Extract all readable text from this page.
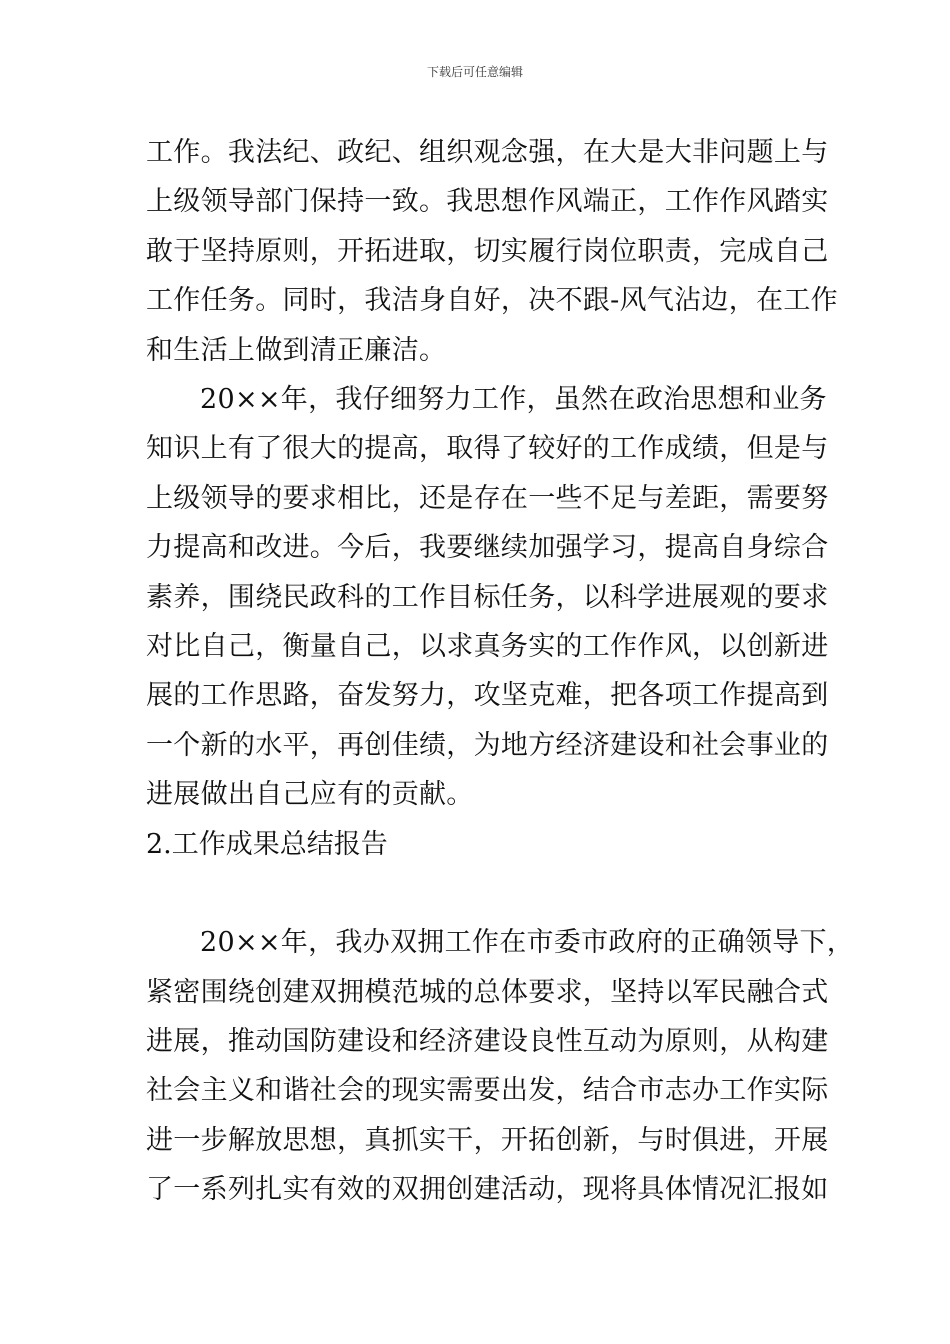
下载后可任意编辑
工作。我法纪、政纪、组织观念强，在大是大非问题上与
上级领导部门保持一致。我思想作风端正，工作作风踏实
敢于坚持原则，开拓进取，切实履行岗位职责，完成自己
工作任务。同时，我洁身自好，决不跟-风气沾边，在工作
和生活上做到清正廉洁。
20××年，我仔细努力工作，虽然在政治思想和业务
知识上有了很大的提高，取得了较好的工作成绩，但是与
上级领导的要求相比，还是存在一些不足与差距，需要努
力提高和改进。今后，我要继续加强学习，提高自身综合
素养，围绕民政科的工作目标任务，以科学进展观的要求
对比自己，衡量自己，以求真务实的工作作风，以创新进
展的工作思路，奋发努力，攻坚克难，把各项工作提高到
一个新的水平，再创佳绩，为地方经济建设和社会事业的
进展做出自己应有的贡献。
2.工作成果总结报告
20××年，我办双拥工作在市委市政府的正确领导下，
紧密围绕创建双拥模范城的总体要求，坚持以军民融合式
进展，推动国防建设和经济建设良性互动为原则，从构建
社会主义和谐社会的现实需要出发，结合市志办工作实际
进一步解放思想，真抓实干，开拓创新，与时俱进，开展
了一系列扎实有效的双拥创建活动，现将具体情况汇报如
